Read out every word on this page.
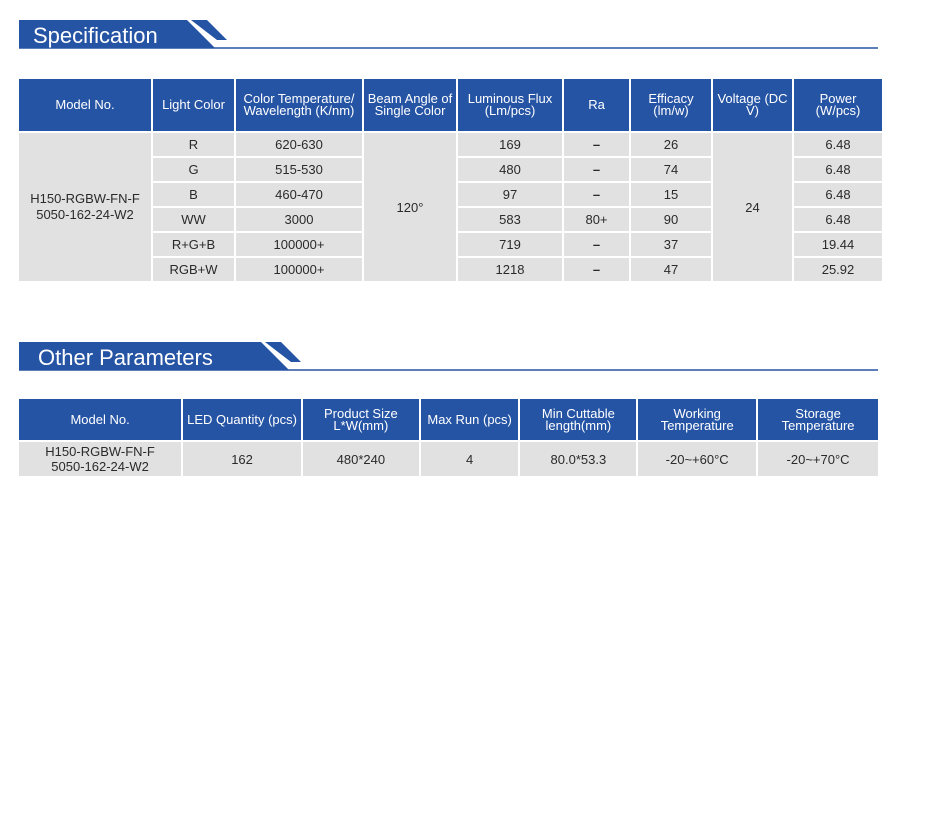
Specification
Model No.	Light Color	Color Temperature/ Wavelength (K/nm)	Beam Angle of Single Color	Luminous Flux (Lm/pcs)	Ra	Efficacy (lm/w)	Voltage (DC V)	Power (W/pcs)
H150-RGBW-FN-F5050-162-24-W2	R	620-630	120°	169	–	26	24	6.48
	G	515-530		480	–	74		6.48
	B	460-470		97	–	15		6.48
	WW	3000		583	80+	90		6.48
	R+G+B	100000+		719	–	37		19.44
	RGB+W	100000+		1218	–	47		25.92
Other Parameters
Model No.	LED Quantity (pcs)	Product Size L*W(mm)	Max Run (pcs)	Min Cuttable length(mm)	Working Temperature	Storage Temperature
H150-RGBW-FN-F5050-162-24-W2	162	480*240	4	80.0*53.3	-20~+60°C	-20~+70°C
